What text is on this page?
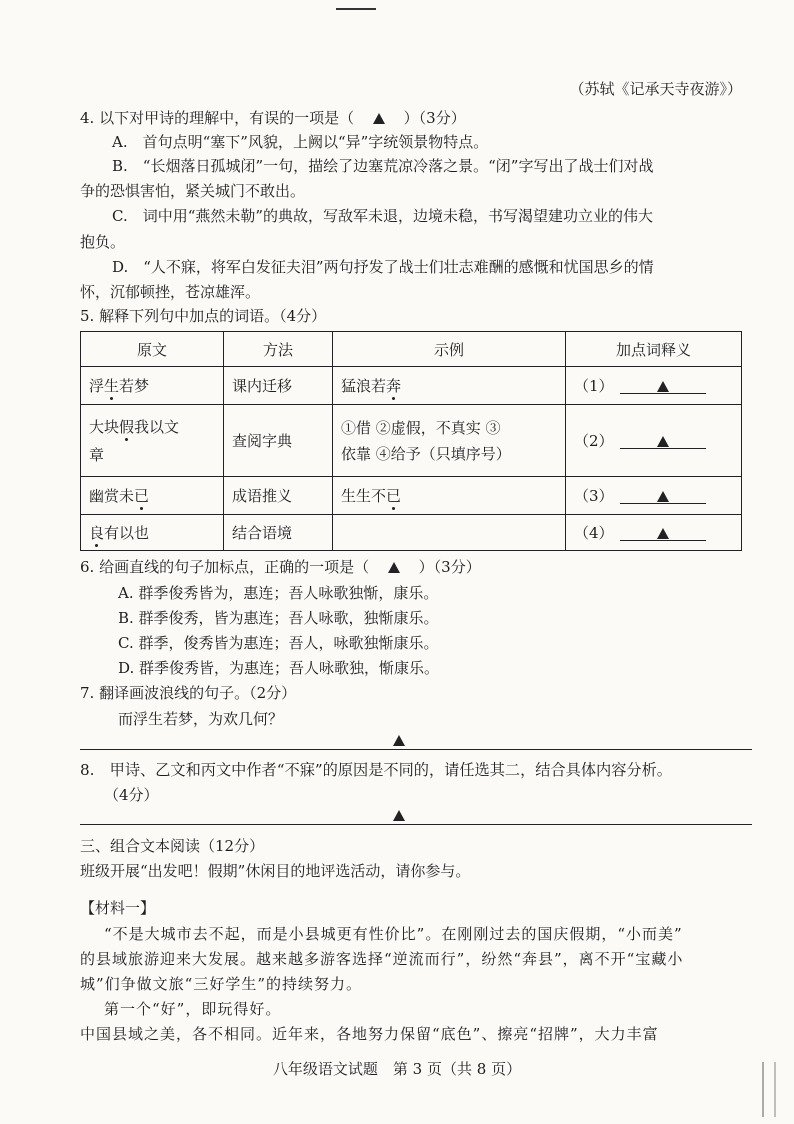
（苏轼《记承天寺夜游》）
4. 以下对甲诗的理解中，有误的一项是（	）（3分）
A.　首句点明“塞下”风貌，上阙以“异”字统领景物特点。
B.　“长烟落日孤城闭”一句，描绘了边塞荒凉冷落之景。“闭”字写出了战士们对战
争的恐惧害怕，紧关城门不敢出。
C.　词中用“燕然未勒”的典故，写敌军未退，边境未稳，书写渴望建功立业的伟大
抱负。
D.　“人不寐，将军白发征夫泪”两句抒发了战士们壮志难酬的感慨和忧国思乡的情
怀，沉郁顿挫，苍凉雄浑。
5. 解释下列句中加点的词语。（4分）
原文	方法	示例	加点词释义
浮生若梦	课内迁移	猛浪若奔	（1）
大块假我以文
章	查阅字典	①借 ②虚假，不真实 ③
依靠 ④给予（只填序号）	（2）
幽赏未已	成语推义	生生不已	（3）
良有以也	结合语境		（4）
6. 给画直线的句子加标点，正确的一项是（	）（3分）
A. 群季俊秀皆为，惠连；吾人咏歌独惭，康乐。
B. 群季俊秀，皆为惠连；吾人咏歌，独惭康乐。
C. 群季，俊秀皆为惠连；吾人，咏歌独惭康乐。
D. 群季俊秀皆，为惠连；吾人咏歌独，惭康乐。
7. 翻译画波浪线的句子。（2分）
而浮生若梦，为欢几何？
8.　甲诗、乙文和丙文中作者“不寐”的原因是不同的，请任选其二，结合具体内容分析。
（4分）
三、组合文本阅读（12分）
班级开展“出发吧！假期”休闲目的地评选活动，请你参与。
【材料一】
“不是大城市去不起，而是小县城更有性价比”。在刚刚过去的国庆假期，“小而美”
的县域旅游迎来大发展。越来越多游客选择“逆流而行”，纷然“奔县”，离不开“宝藏小
城”们争做文旅“三好学生”的持续努力。
第一个“好”，即玩得好。
中国县域之美，各不相同。近年来，各地努力保留“底色”、擦亮“招牌”，大力丰富
八年级语文试题　第 3 页（共 8 页）
